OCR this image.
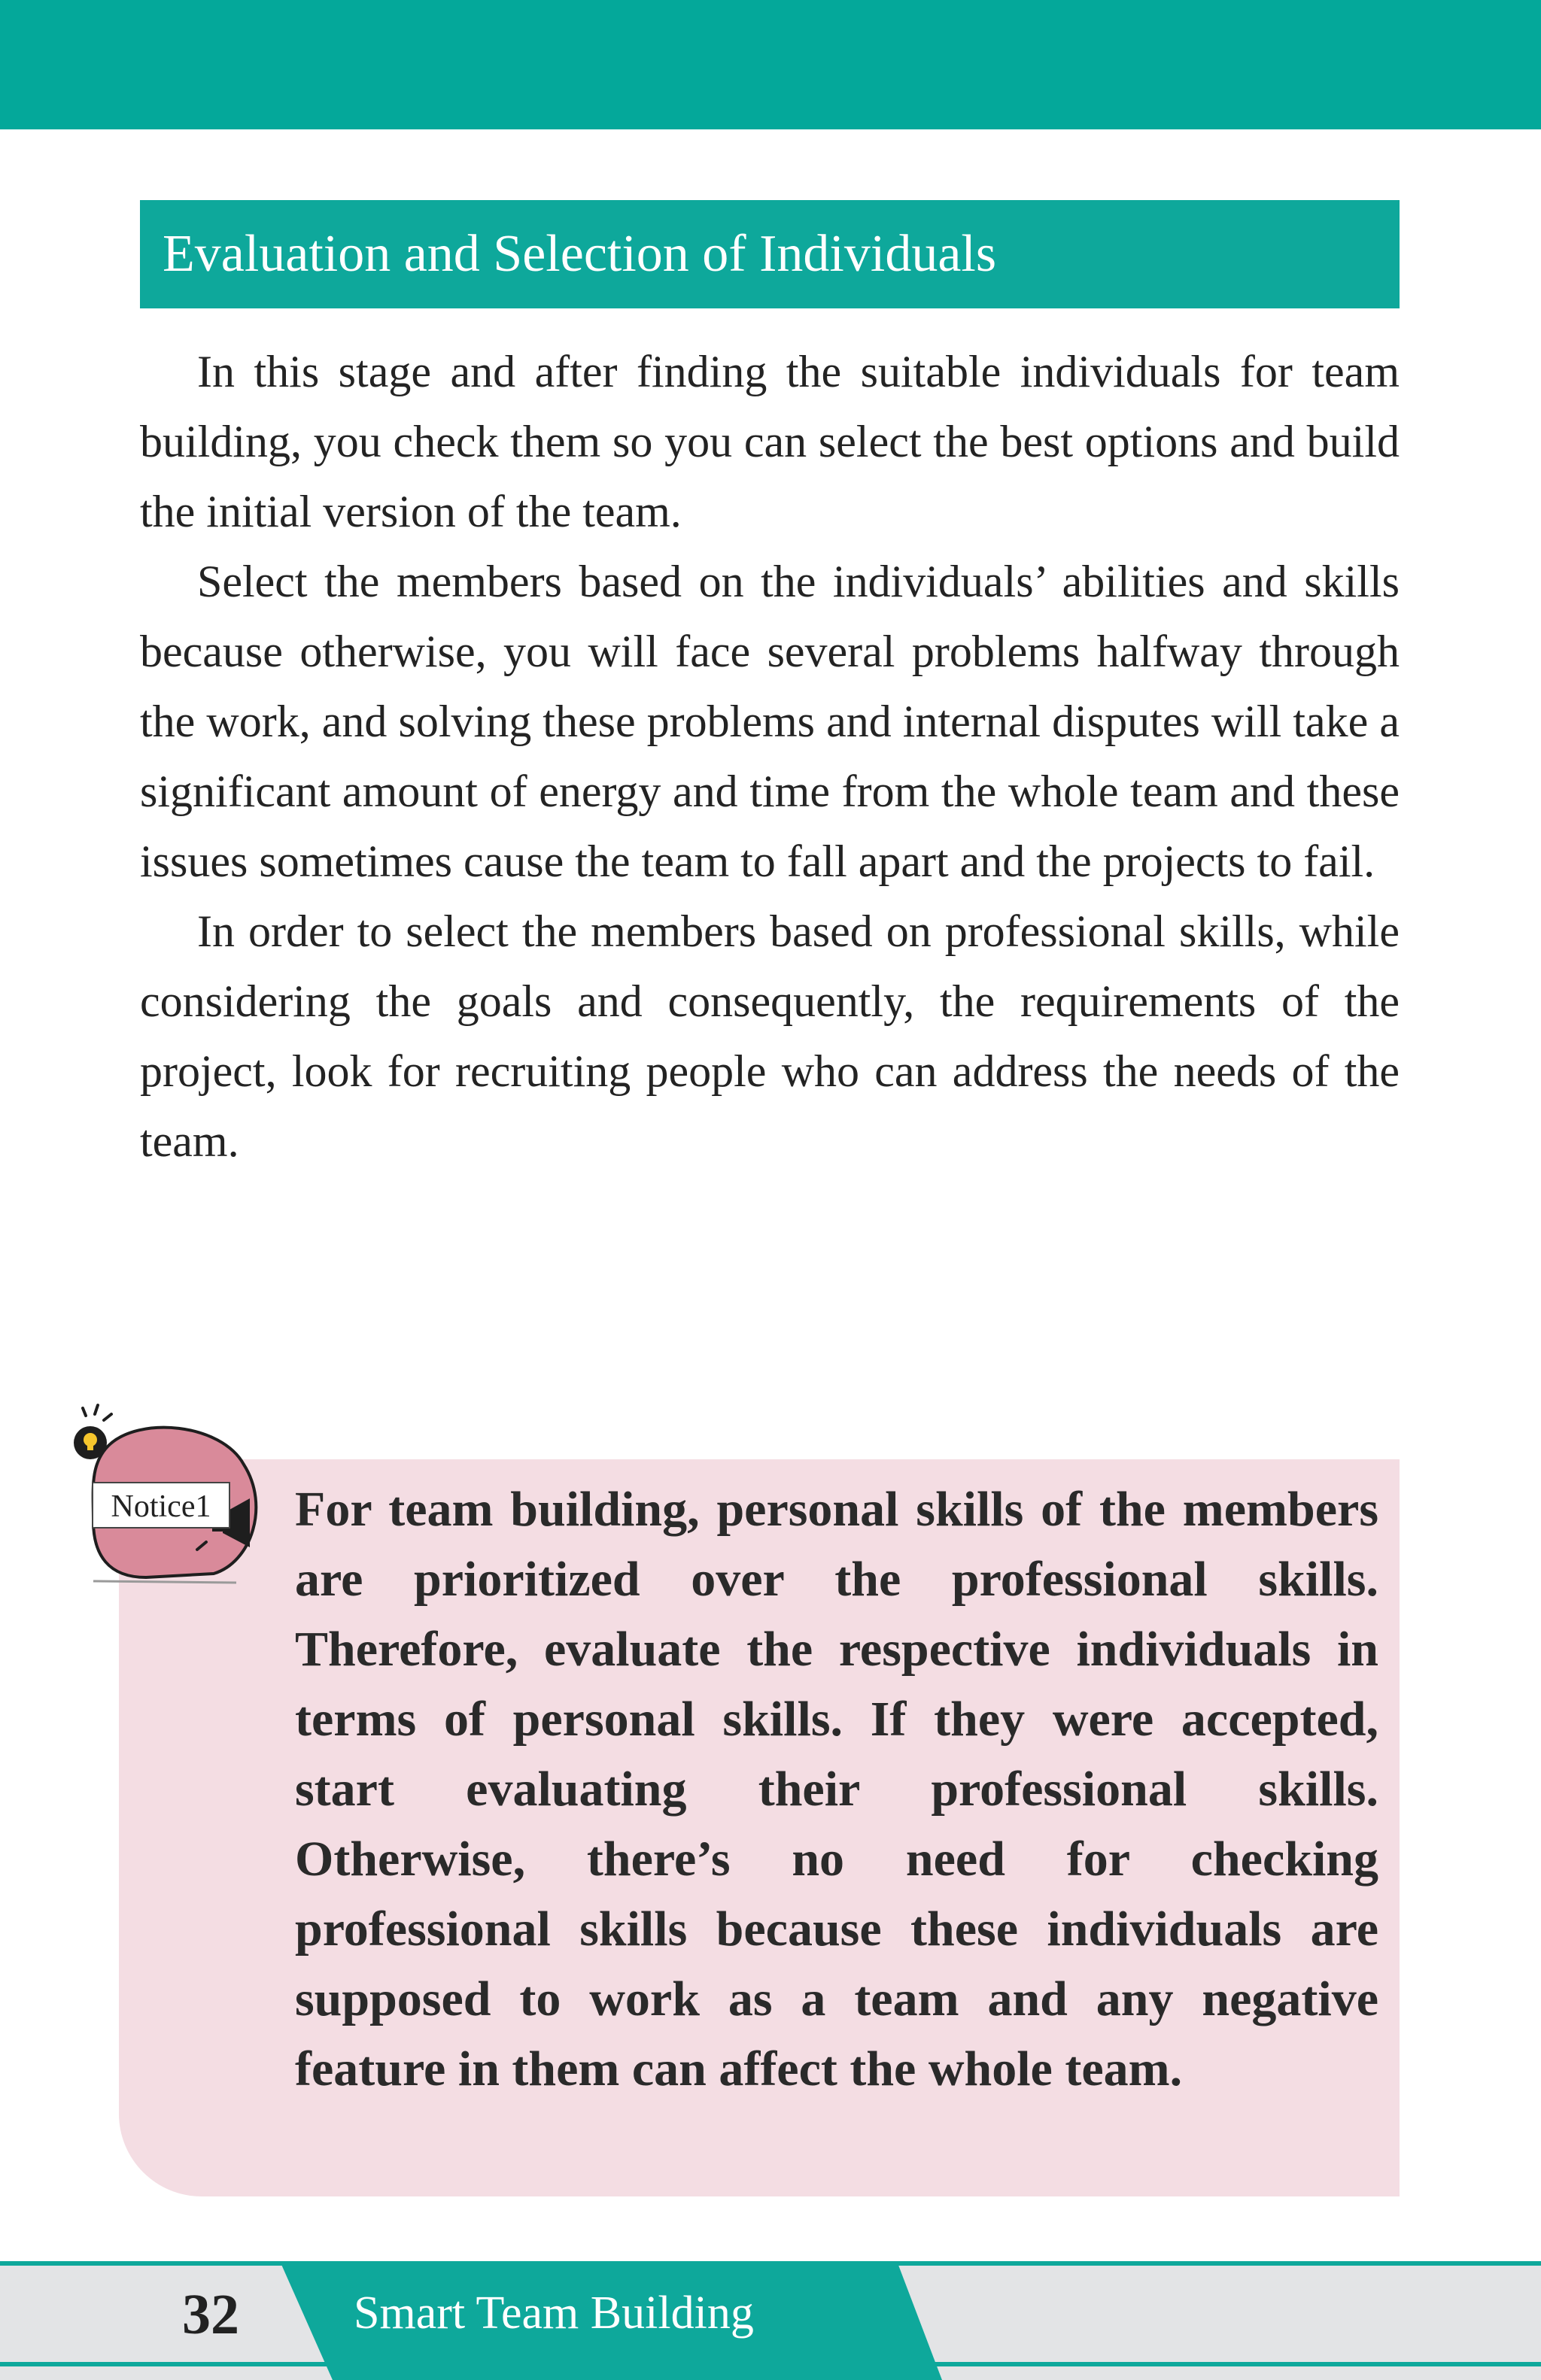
Evaluation and Selection of Individuals

In this stage and after finding the suitable individuals for team building, you check them so you can select the best options and build the initial version of the team.

Select the members based on the individuals’ abilities and skills because otherwise, you will face several problems halfway through the work, and solving these problems and internal disputes will take a significant amount of energy and time from the whole team and these issues sometimes cause the team to fall apart and the projects to fail.

In order to select the members based on professional skills, while considering the goals and consequently, the requirements of the project, look for recruiting people who can address the needs of the team.

Notice1	For team building, personal skills of the members are prioritized over the professional skills. Therefore, evaluate the respective individuals in terms of personal skills. If they were accepted, start evaluating their professional skills. Otherwise, there’s no need for checking professional skills because these individuals are supposed to work as a team and any negative feature in them can affect the whole team.

32	Smart Team Building
